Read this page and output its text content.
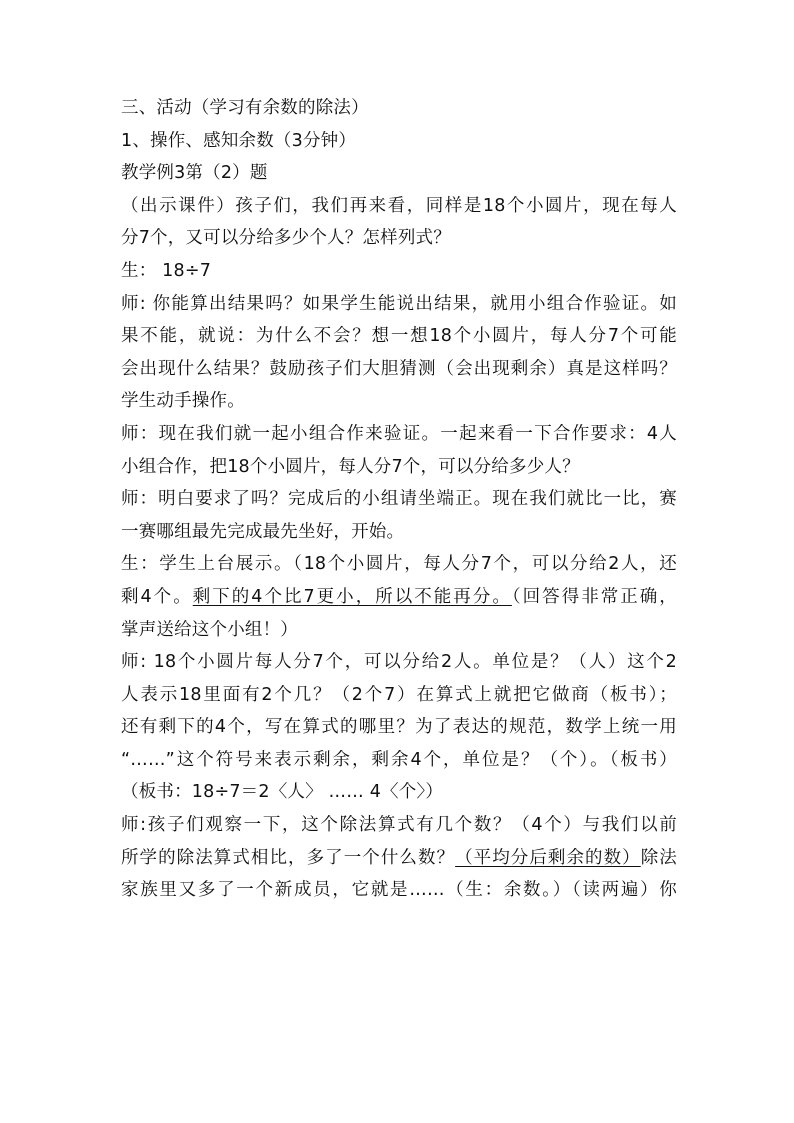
三、活动（学习有余数的除法）
1、操作、感知余数（3分钟）
教学例3第（2）题
（出示课件）孩子们，我们再来看，同样是18个小圆片，现在每人
分7个，又可以分给多少个人？怎样列式？
生： 18÷7
师: 你能算出结果吗？如果学生能说出结果，就用小组合作验证。如
果不能，就说：为什么不会？想一想18个小圆片，每人分7个可能
会出现什么结果？鼓励孩子们大胆猜测（会出现剩余）真是这样吗？
学生动手操作。
师：现在我们就一起小组合作来验证。一起来看一下合作要求：4人
小组合作，把18个小圆片，每人分7个，可以分给多少人？
师：明白要求了吗？完成后的小组请坐端正。现在我们就比一比，赛
一赛哪组最先完成最先坐好，开始。
生：学生上台展示。（18个小圆片，每人分7个，可以分给2人，还
剩4个。剩下的4个比7更小，所以不能再分。（回答得非常正确，
掌声送给这个小组！）
师: 18个小圆片每人分7个，可以分给2人。单位是？（人）这个2
人表示18里面有2个几？（2个7）在算式上就把它做商（板书）；
还有剩下的4个，写在算式的哪里？为了表达的规范，数学上统一用
“……”这个符号来表示剩余，剩余4个，单位是？（个）。（板书）
（板书：18÷7＝2〈人〉 …… 4〈个〉）
师:孩子们观察一下，这个除法算式有几个数？（4个）与我们以前
所学的除法算式相比，多了一个什么数？（平均分后剩余的数）除法
家族里又多了一个新成员，它就是……（生：余数。）（读两遍）你
